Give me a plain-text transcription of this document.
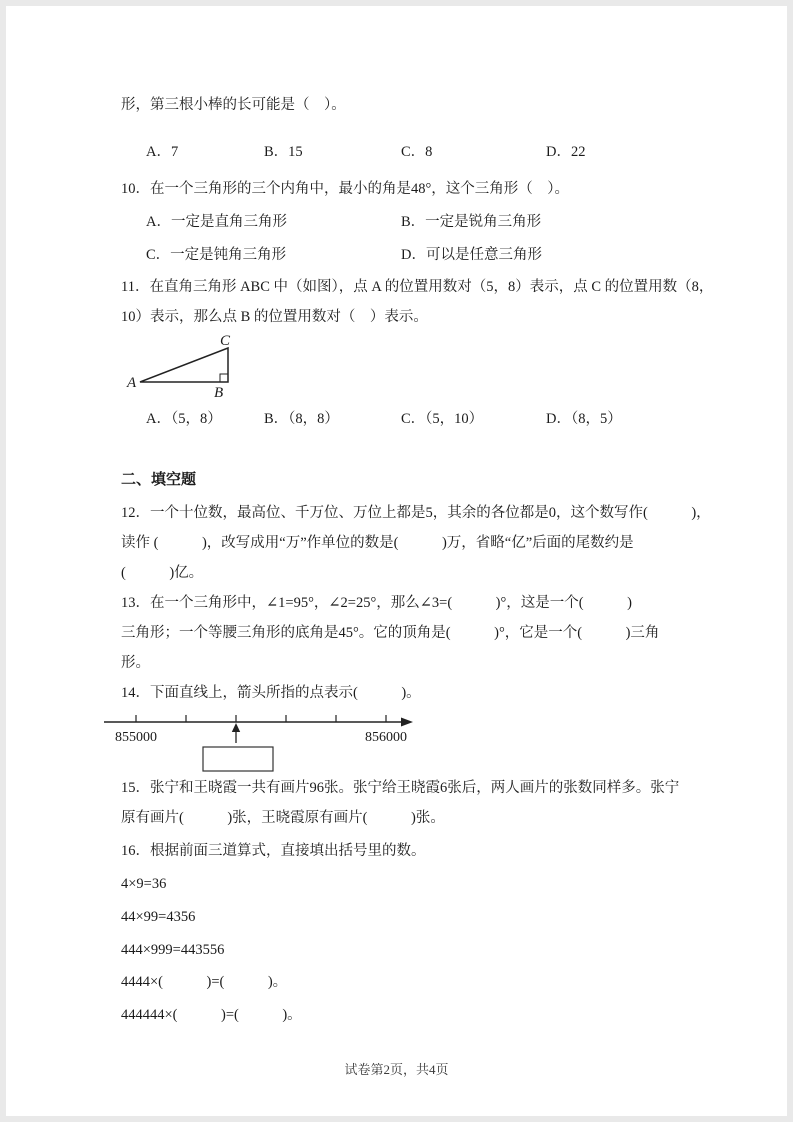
形，第三根小棒的长可能是（    ）。

A．7	B．15	C．8	D．22

10．在一个三角形的三个内角中，最小的角是48°，这个三角形（    ）。

A．一定是直角三角形	B．一定是锐角三角形
C．一定是钝角三角形	D．可以是任意三角形

11．在直角三角形 ABC 中（如图），点 A 的位置用数对（5，8）表示，点 C 的位置用数（8，

10）表示，那么点 B 的位置用数对（    ）表示。

A
B
C
A．（5，8）	B．（8，8）	C．（5，10）	D．（8，5）

二、填空题

12．一个十位数，最高位、千万位、万位上都是5，其余的各位都是0，这个数写作(            )，

读作 (            )，改写成用“万”作单位的数是(            )万，省略“亿”后面的尾数约是

(            )亿。

13．在一个三角形中，∠1=95°，∠2=25°，那么∠3=(            )°，这是一个(            )

三角形；一个等腰三角形的底角是45°。它的顶角是(            )°，它是一个(            )三角

形。

14．下面直线上，箭头所指的点表示(            )。

855000	856000

15．张宁和王晓霞一共有画片96张。张宁给王晓霞6张后，两人画片的张数同样多。张宁

原有画片(            )张，王晓霞原有画片(            )张。

16．根据前面三道算式，直接填出括号里的数。

4×9=36

44×99=4356

444×999=443556

4444×(            )=(            )。

444444×(            )=(            )。

试卷第2页，共4页
